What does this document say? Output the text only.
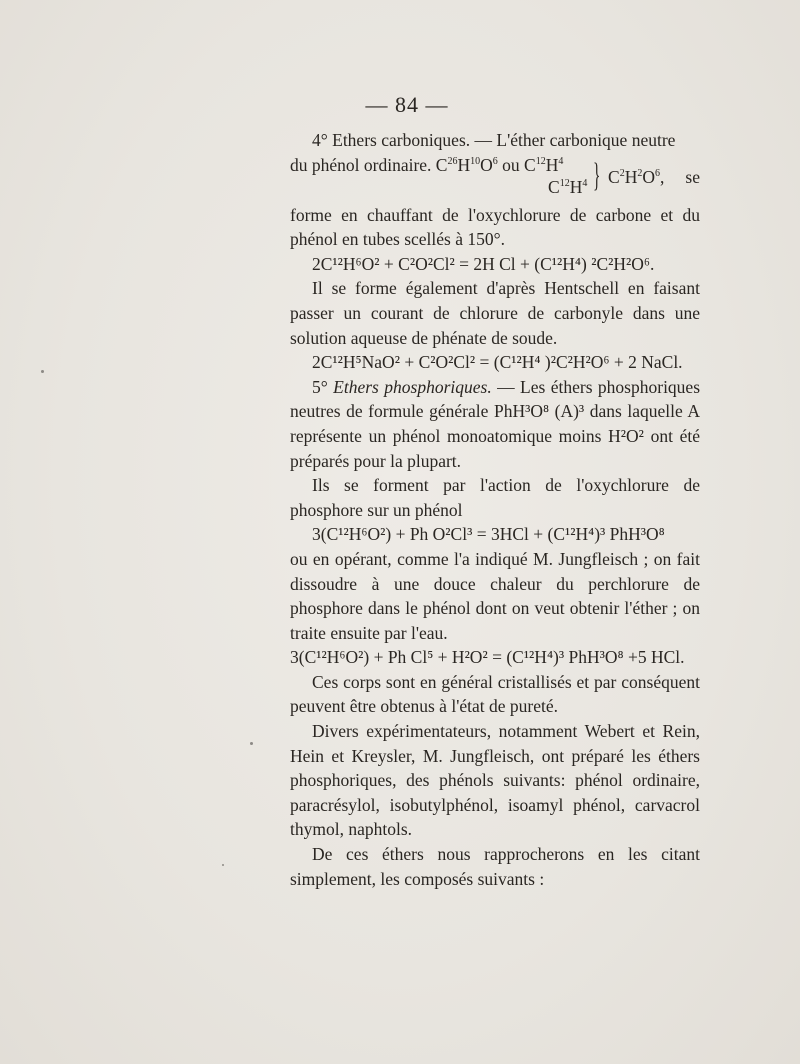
— 84 —

4° Ethers carboniques. — L'éther carbonique neutre

du phénol ordinaire. $C^{26}H^{10}O^6$ ou $C^{12}H^4$
$C^{12}H^4$ } $C^2H^2O^6$, se

forme en chauffant de l'oxychlorure de carbone et du phénol en tubes scellés à 150°.

2C¹²H⁶O² + C²O²Cl² = 2H Cl + (C¹²H⁴) ²C²H²O⁶.

Il se forme également d'après Hentschell en faisant passer un courant de chlorure de carbonyle dans une solution aqueuse de phénate de soude.

2C¹²H⁵NaO² + C²O²Cl² = (C¹²H⁴ )²C²H²O⁶ + 2 NaCl.

5° Ethers phosphoriques. — Les éthers phosphoriques neutres de formule générale PhH³O⁸ (A)³ dans laquelle A représente un phénol monoatomique moins H²O² ont été préparés pour la plupart.

Ils se forment par l'action de l'oxychlorure de phosphore sur un phénol

3(C¹²H⁶O²) + Ph O²Cl³ = 3HCl + (C¹²H⁴)³ PhH³O⁸

ou en opérant, comme l'a indiqué M. Jungfleisch ; on fait dissoudre à une douce chaleur du perchlorure de phosphore dans le phénol dont on veut obtenir l'éther ; on traite ensuite par l'eau.

3(C¹²H⁶O²) + Ph Cl⁵ + H²O² = (C¹²H⁴)³ PhH³O⁸ +5 HCl.

Ces corps sont en général cristallisés et par conséquent peuvent être obtenus à l'état de pureté.

Divers expérimentateurs, notamment Webert et Rein, Hein et Kreysler, M. Jungfleisch, ont préparé les éthers phosphoriques, des phénols suivants: phénol ordinaire, paracrésylol, isobutylphénol, isoamyl phénol, carvacrol thymol, naphtols.

De ces éthers nous rapprocherons en les citant simplement, les composés suivants :
